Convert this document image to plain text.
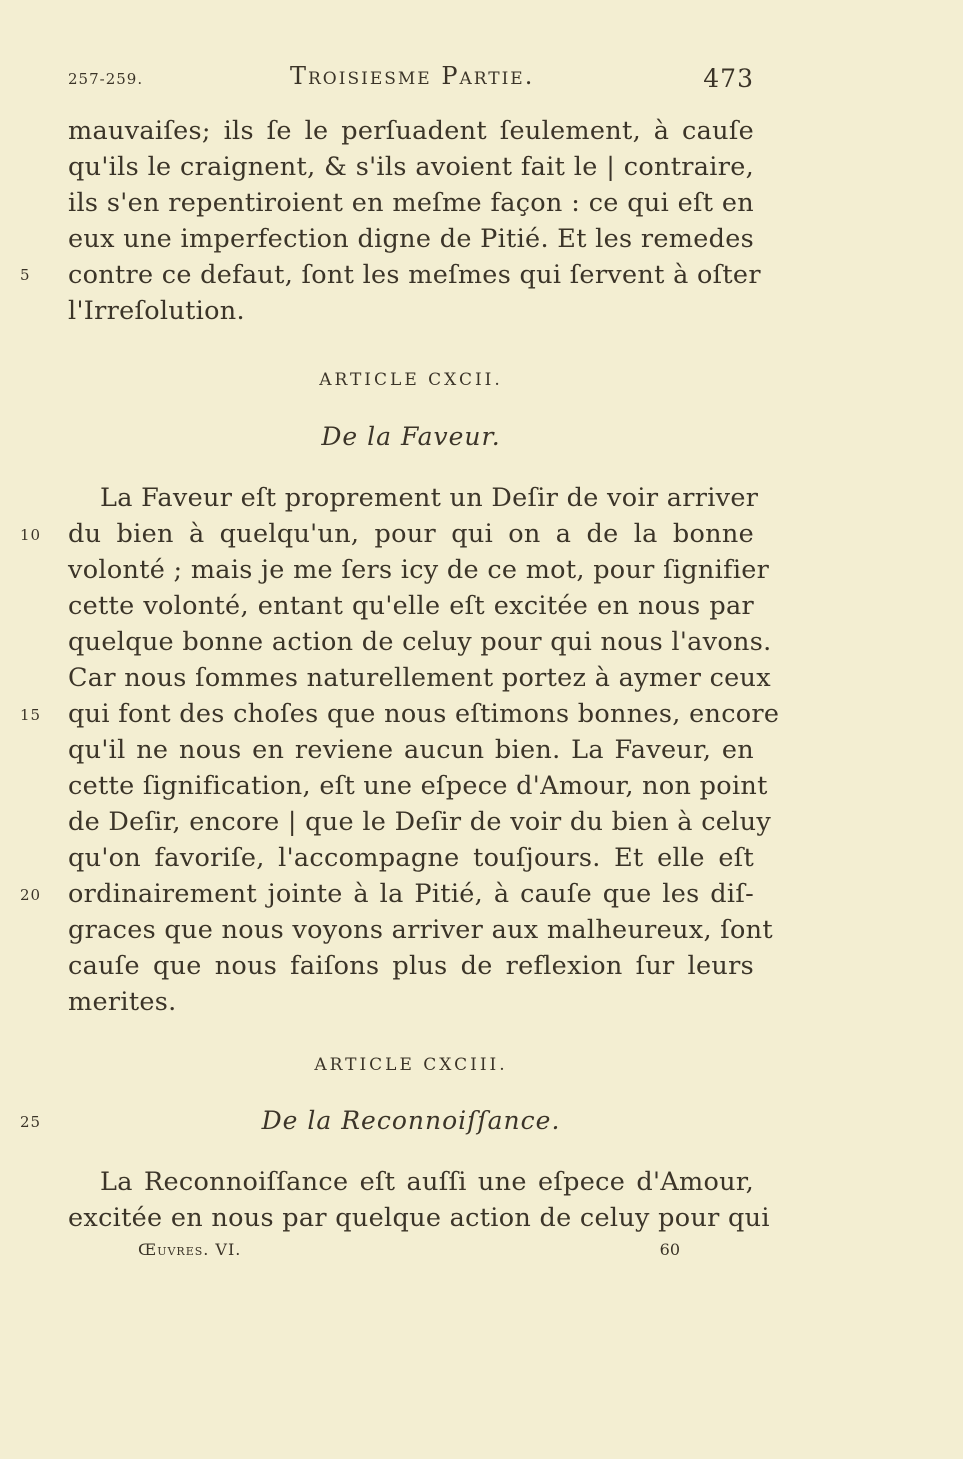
257-259.	Troisiesme Partie.	473
mauvaiſes; ils ſe le perſuadent ſeulement, à cauſe
qu'ils le craignent, & s'ils avoient fait le | contraire,
ils s'en repentiroient en meſme façon : ce qui eſt en
eux une imperfection digne de Pitié. Et les remedes
contre ce defaut, ſont les meſmes qui ſervent à oſter
l'Irreſolution.
5
ARTICLE CXCII.
De la Faveur.
La Faveur eſt proprement un Deſir de voir arriver
du bien à quelqu'un, pour qui on a de la bonne
volonté ; mais je me ſers icy de ce mot, pour ſignifier
cette volonté, entant qu'elle eſt excitée en nous par
quelque bonne action de celuy pour qui nous l'avons.
Car nous ſommes naturellement portez à aymer ceux
qui font des choſes que nous eſtimons bonnes, encore
qu'il ne nous en reviene aucun bien. La Faveur, en
cette ſignification, eſt une eſpece d'Amour, non point
de Deſir, encore | que le Deſir de voir du bien à celuy
qu'on favoriſe, l'accompagne touſjours. Et elle eſt
ordinairement jointe à la Pitié, à cauſe que les diſ-
graces que nous voyons arriver aux malheureux, ſont
cauſe que nous faiſons plus de reflexion ſur leurs
merites.
10
15
20
ARTICLE CXCIII.
De la Reconnoiſſance.
25
La Reconnoiſſance eſt auſſi une eſpece d'Amour,
excitée en nous par quelque action de celuy pour qui
Œuvres. VI.	60
